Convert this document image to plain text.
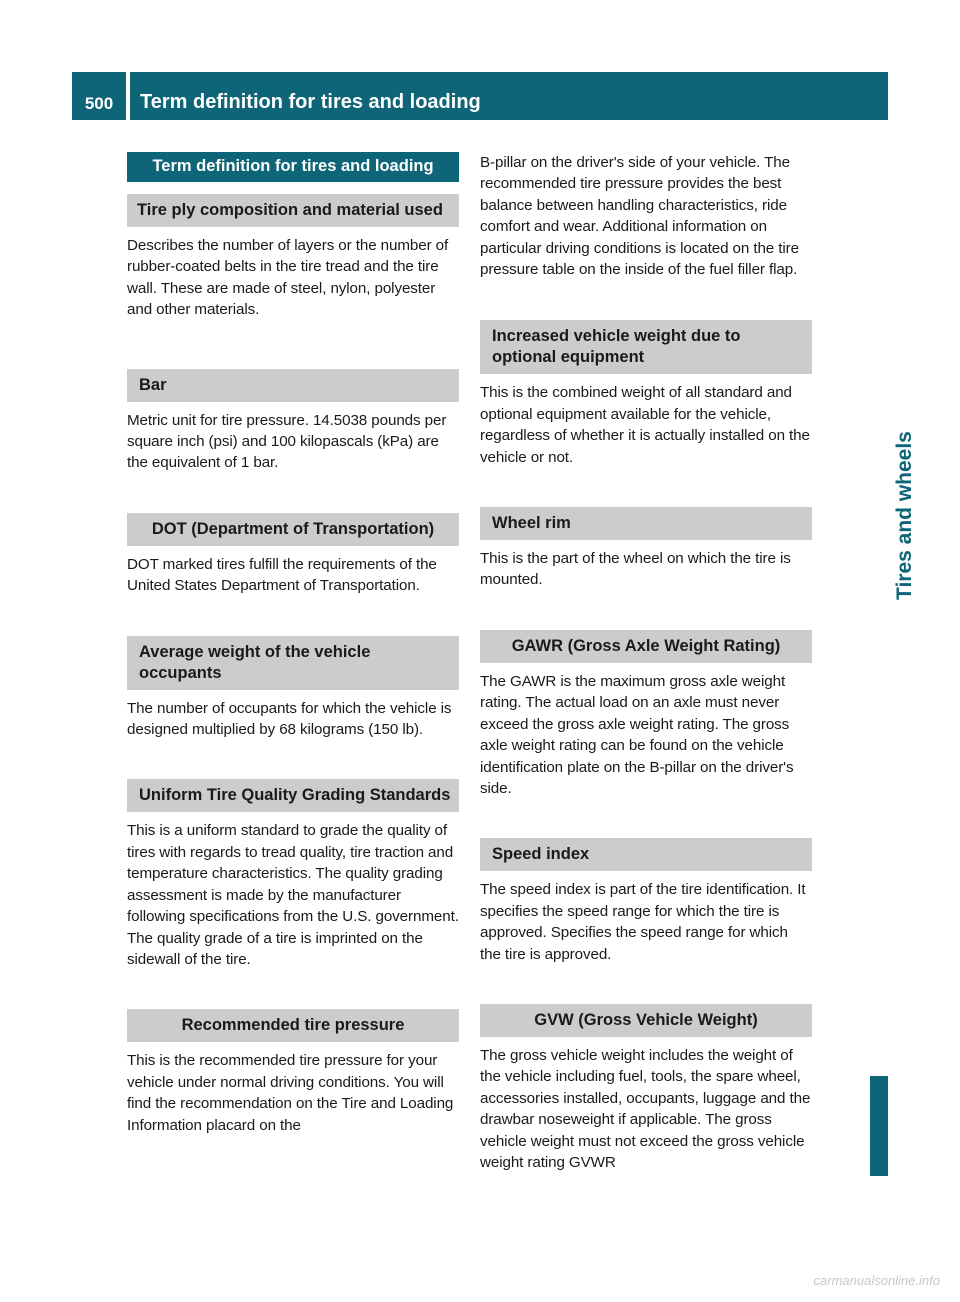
500	Term definition for tires and loading
Tires and wheels
Term definition for tires and loading
Tire ply composition and material used

Describes the number of layers or the number of rubber-coated belts in the tire tread and the tire wall. These are made of steel, nylon, polyester and other materials.

Bar

Metric unit for tire pressure. 14.5038 pounds per square inch (psi) and 100 kilopascals (kPa) are the equivalent of 1 bar.

DOT (Department of Transportation)

DOT marked tires fulfill the requirements of the United States Department of Transportation.

Average weight of the vehicle occupants

The number of occupants for which the vehicle is designed multiplied by 68 kilograms (150 lb).

Uniform Tire Quality Grading Standards

This is a uniform standard to grade the quality of tires with regards to tread quality, tire traction and temperature characteristics. The quality grading assessment is made by the manufacturer following specifications from the U.S. government. The quality grade of a tire is imprinted on the sidewall of the tire.

Recommended tire pressure

This is the recommended tire pressure for your vehicle under normal driving conditions. You will find the recommendation on the Tire and Loading Information placard on the

B-pillar on the driver's side of your vehicle. The recommended tire pressure provides the best balance between handling characteristics, ride comfort and wear. Additional information on particular driving conditions is located on the tire pressure table on the inside of the fuel filler flap.

Increased vehicle weight due to optional equipment

This is the combined weight of all standard and optional equipment available for the vehicle, regardless of whether it is actually installed on the vehicle or not.

Wheel rim

This is the part of the wheel on which the tire is mounted.

GAWR (Gross Axle Weight Rating)

The GAWR is the maximum gross axle weight rating. The actual load on an axle must never exceed the gross axle weight rating. The gross axle weight rating can be found on the vehicle identification plate on the B-pillar on the driver's side.

Speed index

The speed index is part of the tire identification. It specifies the speed range for which the tire is approved. Specifies the speed range for which the tire is approved.

GVW (Gross Vehicle Weight)

The gross vehicle weight includes the weight of the vehicle including fuel, tools, the spare wheel, accessories installed, occupants, luggage and the drawbar noseweight if applicable. The gross vehicle weight must not exceed the gross vehicle weight rating GVWR

carmanualsonline.info
